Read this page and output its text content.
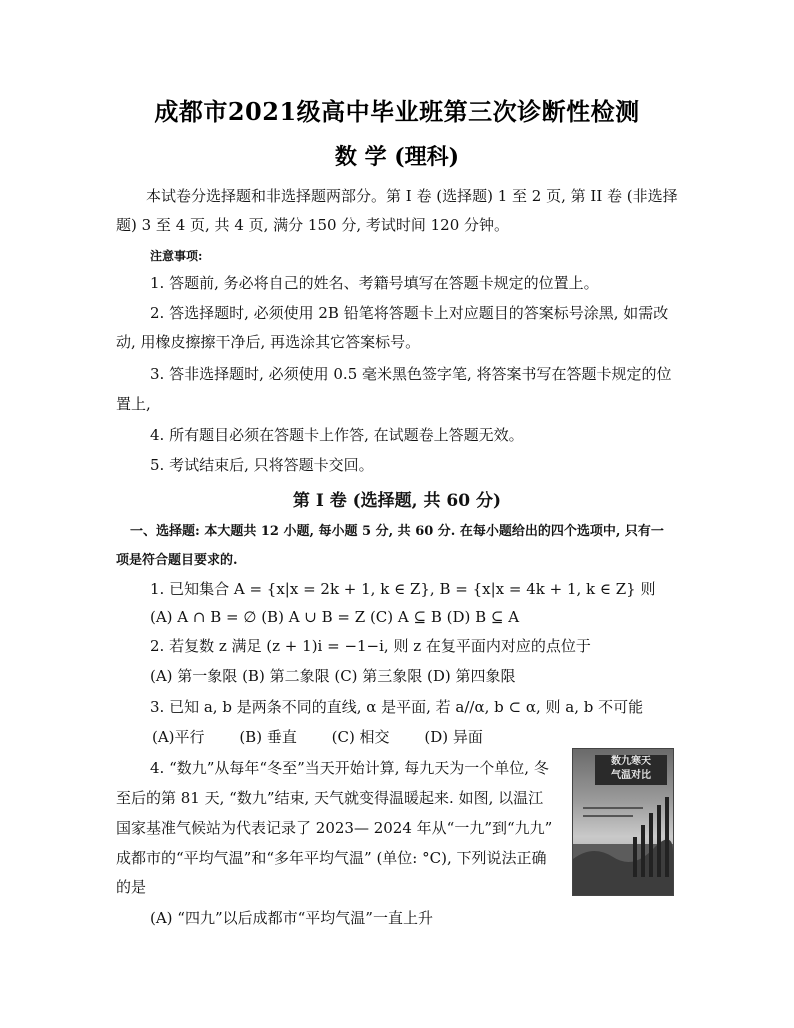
成都市2021级高中毕业班第三次诊断性检测
数 学 (理科)
本试卷分选择题和非选择题两部分。第 I 卷 (选择题) 1 至 2 页, 第 II 卷 (非选择
题) 3 至 4 页, 共 4 页, 满分 150 分, 考试时间 120 分钟。
注意事项:
1. 答题前, 务必将自己的姓名、考籍号填写在答题卡规定的位置上。
2. 答选择题时, 必须使用 2B 铅笔将答题卡上对应题目的答案标号涂黑, 如需改
动, 用橡皮擦擦干净后, 再选涂其它答案标号。
3. 答非选择题时, 必须使用 0.5 毫米黑色签字笔, 将答案书写在答题卡规定的位
置上,
4. 所有题目必须在答题卡上作答, 在试题卷上答题无效。
5. 考试结束后, 只将答题卡交回。
第 I 卷 (选择题, 共 60 分)
一、选择题: 本大题共 12 小题, 每小题 5 分, 共 60 分. 在每小题给出的四个选项中, 只有一
项是符合题目要求的.
1. 已知集合 A = {x|x = 2k + 1, k ∈ Z}, B = {x|x = 4k + 1, k ∈ Z} 则
(A) A ∩ B = ∅ (B) A ∪ B = Z (C) A ⊆ B (D) B ⊆ A
2. 若复数 z 满足 (z + 1)i = −1−i, 则 z 在复平面内对应的点位于
(A) 第一象限 (B) 第二象限 (C) 第三象限 (D) 第四象限
3. 已知 a, b 是两条不同的直线, α 是平面, 若 a//α, b ⊂ α, 则 a, b 不可能
(A)平行 (B) 垂直 (C) 相交 (D) 异面
4. “数九”从每年“冬至”当天开始计算, 每九天为一个单位, 冬
至后的第 81 天, “数九”结束, 天气就变得温暖起来. 如图, 以温江
国家基准气候站为代表记录了 2023— 2024 年从“一九”到“九九”
成都市的“平均气温”和“多年平均气温” (单位: °C), 下列说法正确
的是
数九寒天
气温对比
(A) “四九”以后成都市“平均气温”一直上升
